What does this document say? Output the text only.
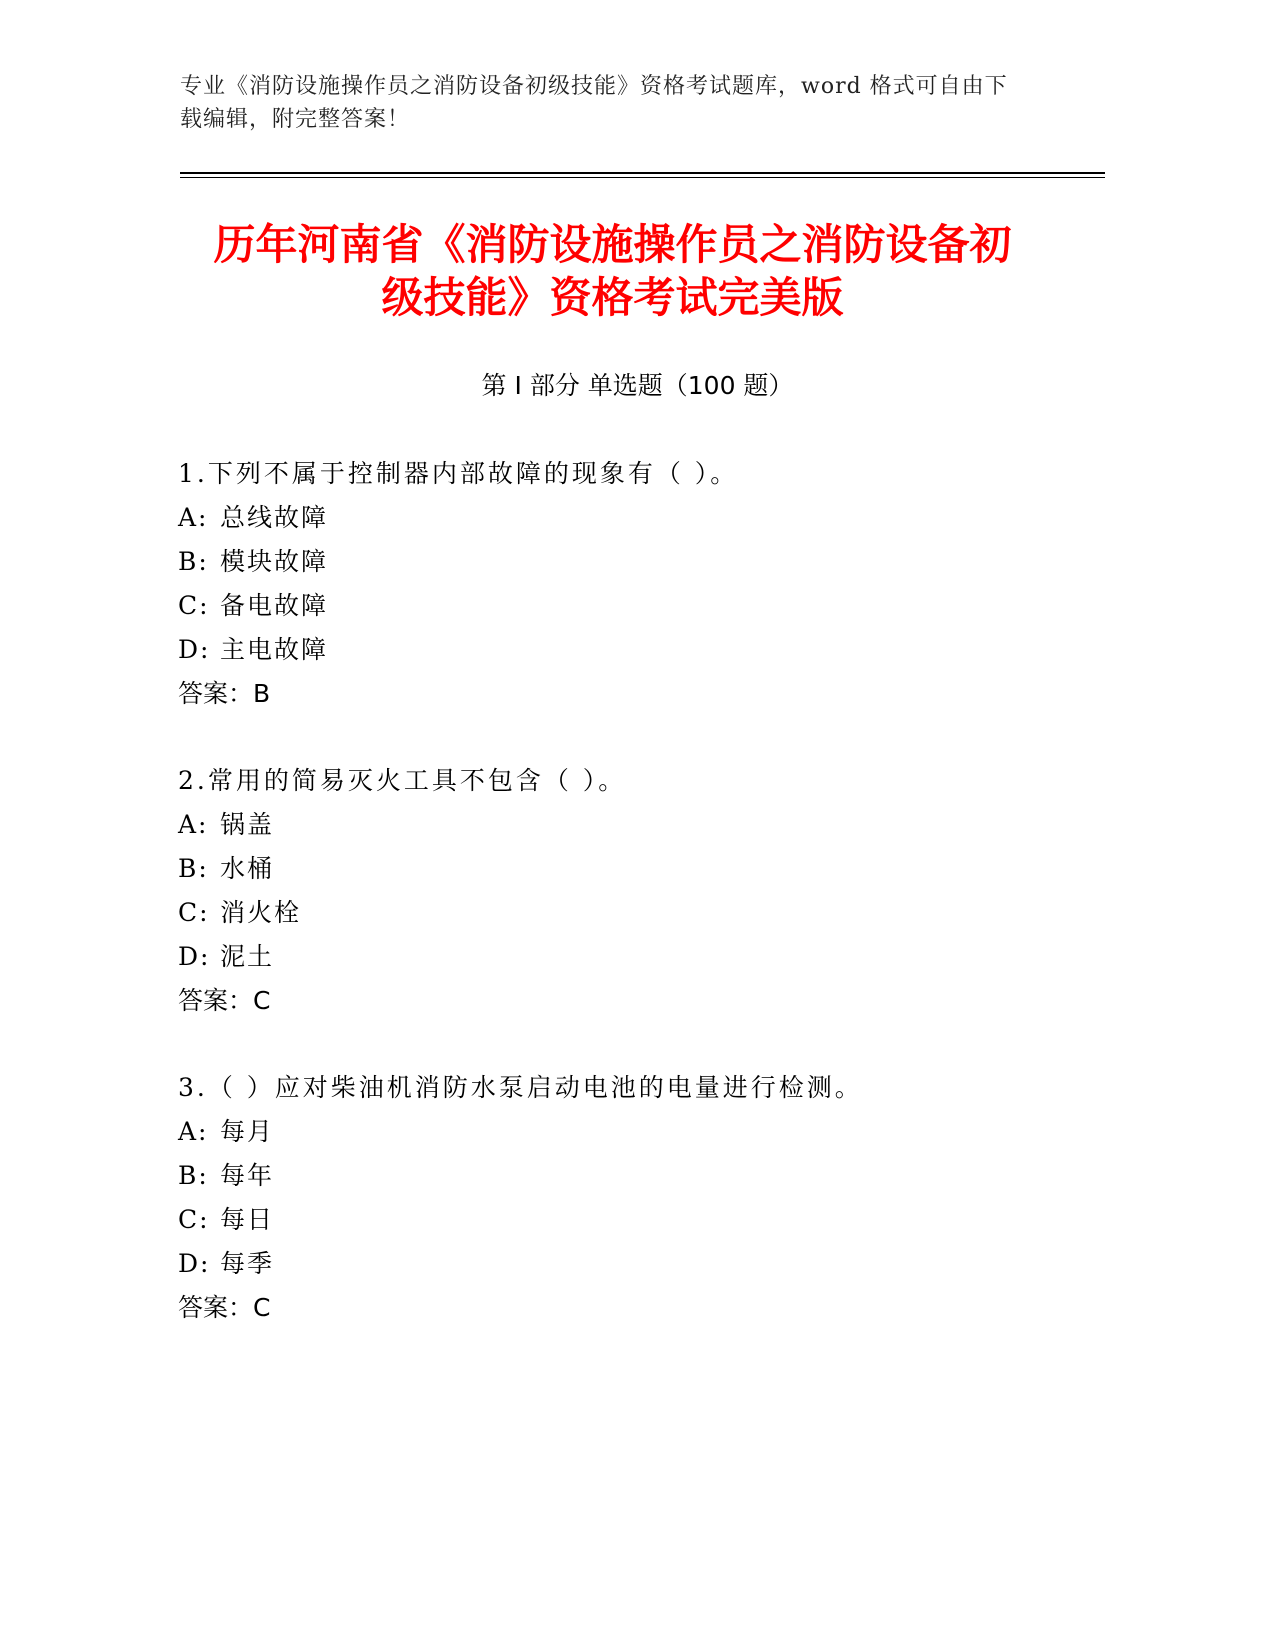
专业《消防设施操作员之消防设备初级技能》资格考试题库，word 格式可自由下
载编辑，附完整答案！
历年河南省《消防设施操作员之消防设备初
级技能》资格考试完美版
第 I 部分 单选题（100 题）
1.下列不属于控制器内部故障的现象有（ ）。
A: 总线故障
B: 模块故障
C: 备电故障
D: 主电故障
答案：B
2.常用的简易灭火工具不包含（ ）。
A: 锅盖
B: 水桶
C: 消火栓
D: 泥土
答案：C
3.（ ）应对柴油机消防水泵启动电池的电量进行检测。
A: 每月
B: 每年
C: 每日
D: 每季
答案：C
